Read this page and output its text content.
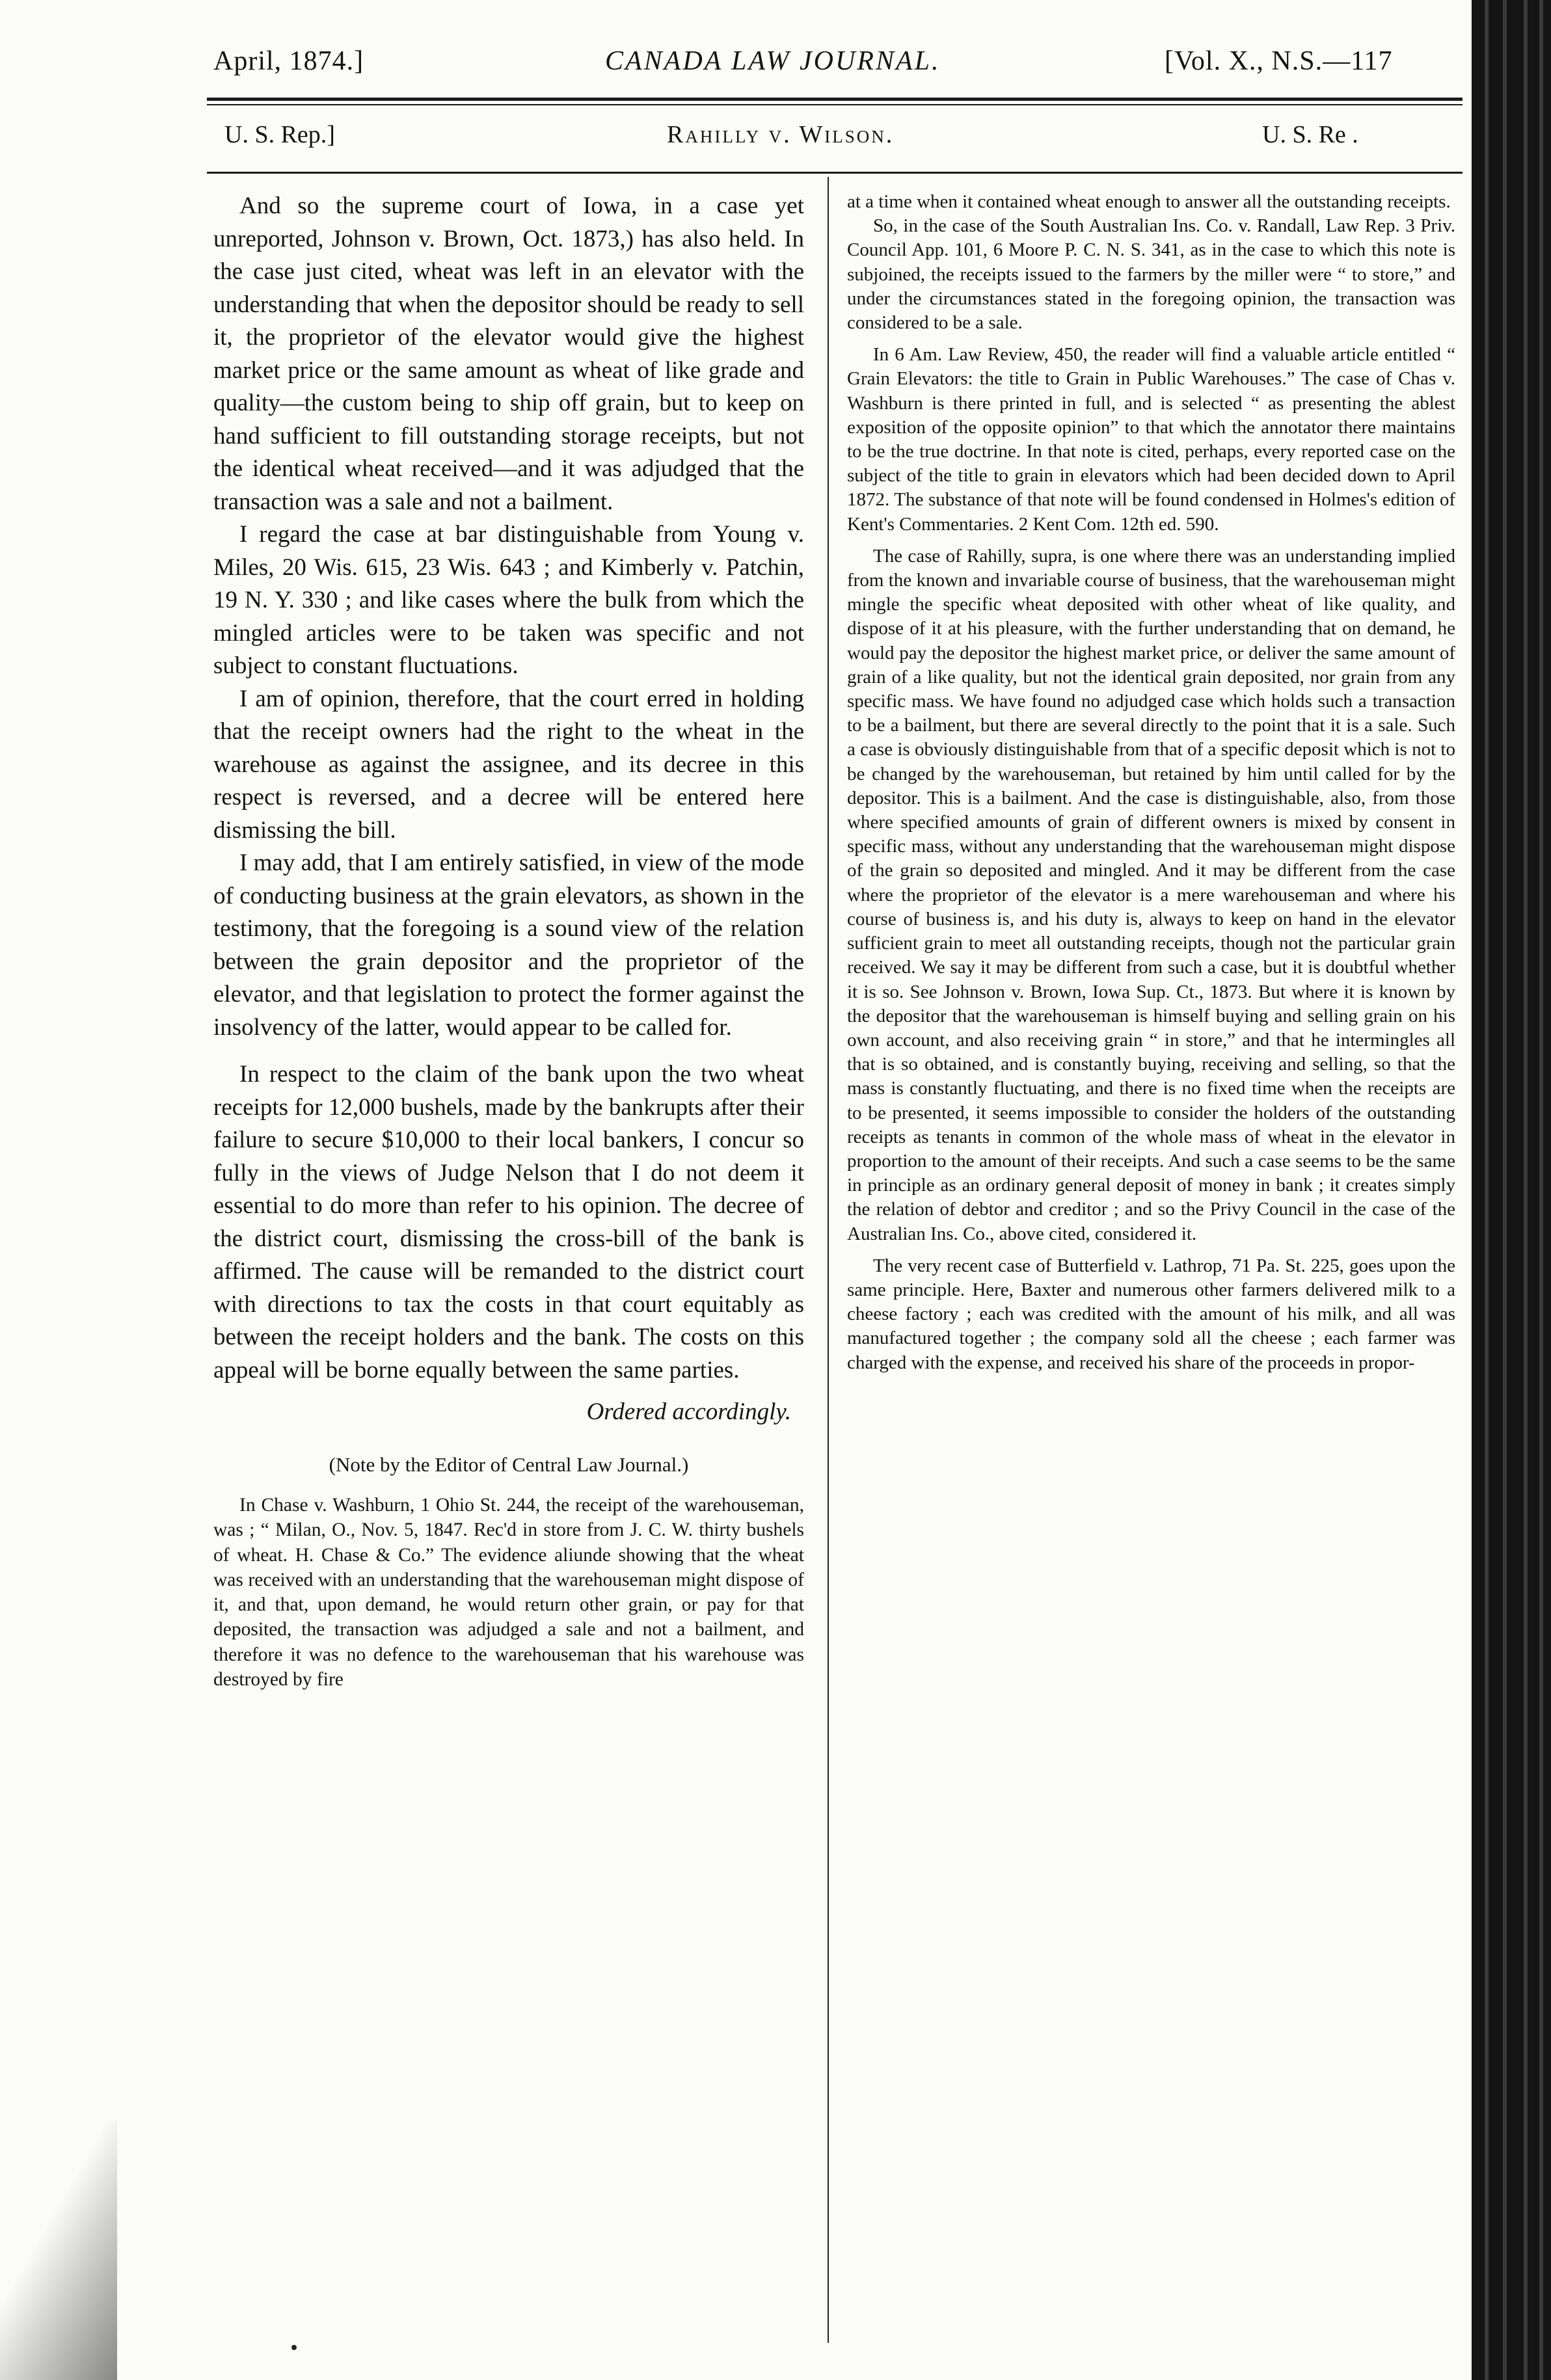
April, 1874.]	CANADA LAW JOURNAL.	[Vol. X., N.S.—117
U. S. Rep.]	Rahilly v. Wilson.	U. S. Re .

And so the supreme court of Iowa, in a case yet unreported, Johnson v. Brown, Oct. 1873,) has also held. In the case just cited, wheat was left in an elevator with the understanding that when the depositor should be ready to sell it, the proprietor of the elevator would give the highest market price or the same amount as wheat of like grade and quality—the custom being to ship off grain, but to keep on hand sufficient to fill outstanding storage receipts, but not the identical wheat received—and it was adjudged that the transaction was a sale and not a bailment.

I regard the case at bar distinguishable from Young v. Miles, 20 Wis. 615, 23 Wis. 643 ; and Kimberly v. Patchin, 19 N. Y. 330 ; and like cases where the bulk from which the mingled articles were to be taken was specific and not subject to constant fluctuations.

I am of opinion, therefore, that the court erred in holding that the receipt owners had the right to the wheat in the warehouse as against the assignee, and its decree in this respect is reversed, and a decree will be entered here dismissing the bill.

I may add, that I am entirely satisfied, in view of the mode of conducting business at the grain elevators, as shown in the testimony, that the foregoing is a sound view of the relation between the grain depositor and the proprietor of the elevator, and that legislation to protect the former against the insolvency of the latter, would appear to be called for.

In respect to the claim of the bank upon the two wheat receipts for 12,000 bushels, made by the bankrupts after their failure to secure $10,000 to their local bankers, I concur so fully in the views of Judge Nelson that I do not deem it essential to do more than refer to his opinion. The decree of the district court, dismissing the cross-bill of the bank is affirmed. The cause will be remanded to the district court with directions to tax the costs in that court equitably as between the receipt holders and the bank. The costs on this appeal will be borne equally between the same parties.

Ordered accordingly.

(Note by the Editor of Central Law Journal.)

In Chase v. Washburn, 1 Ohio St. 244, the receipt of the warehouseman, was ; “ Milan, O., Nov. 5, 1847. Rec'd in store from J. C. W. thirty bushels of wheat. H. Chase & Co.” The evidence aliunde showing that the wheat was received with an understanding that the warehouseman might dispose of it, and that, upon demand, he would return other grain, or pay for that deposited, the transaction was adjudged a sale and not a bailment, and therefore it was no defence to the warehouseman that his warehouse was destroyed by fire

at a time when it contained wheat enough to answer all the outstanding receipts.

So, in the case of the South Australian Ins. Co. v. Randall, Law Rep. 3 Priv. Council App. 101, 6 Moore P. C. N. S. 341, as in the case to which this note is subjoined, the receipts issued to the farmers by the miller were “ to store,” and under the circumstances stated in the foregoing opinion, the transaction was considered to be a sale.

In 6 Am. Law Review, 450, the reader will find a valuable article entitled “ Grain Elevators: the title to Grain in Public Warehouses.” The case of Chas v. Washburn is there printed in full, and is selected “ as presenting the ablest exposition of the opposite opinion” to that which the annotator there maintains to be the true doctrine. In that note is cited, perhaps, every reported case on the subject of the title to grain in elevators which had been decided down to April 1872. The substance of that note will be found condensed in Holmes's edition of Kent's Commentaries. 2 Kent Com. 12th ed. 590.

The case of Rahilly, supra, is one where there was an understanding implied from the known and invariable course of business, that the warehouseman might mingle the specific wheat deposited with other wheat of like quality, and dispose of it at his pleasure, with the further understanding that on demand, he would pay the depositor the highest market price, or deliver the same amount of grain of a like quality, but not the identical grain deposited, nor grain from any specific mass. We have found no adjudged case which holds such a transaction to be a bailment, but there are several directly to the point that it is a sale. Such a case is obviously distinguishable from that of a specific deposit which is not to be changed by the warehouseman, but retained by him until called for by the depositor. This is a bailment. And the case is distinguishable, also, from those where specified amounts of grain of different owners is mixed by consent in specific mass, without any understanding that the warehouseman might dispose of the grain so deposited and mingled. And it may be different from the case where the proprietor of the elevator is a mere warehouseman and where his course of business is, and his duty is, always to keep on hand in the elevator sufficient grain to meet all outstanding receipts, though not the particular grain received. We say it may be different from such a case, but it is doubtful whether it is so. See Johnson v. Brown, Iowa Sup. Ct., 1873. But where it is known by the depositor that the warehouseman is himself buying and selling grain on his own account, and also receiving grain “ in store,” and that he intermingles all that is so obtained, and is constantly buying, receiving and selling, so that the mass is constantly fluctuating, and there is no fixed time when the receipts are to be presented, it seems impossible to consider the holders of the outstanding receipts as tenants in common of the whole mass of wheat in the elevator in proportion to the amount of their receipts. And such a case seems to be the same in principle as an ordinary general deposit of money in bank ; it creates simply the relation of debtor and creditor ; and so the Privy Council in the case of the Australian Ins. Co., above cited, considered it.

The very recent case of Butterfield v. Lathrop, 71 Pa. St. 225, goes upon the same principle. Here, Baxter and numerous other farmers delivered milk to a cheese factory ; each was credited with the amount of his milk, and all was manufactured together ; the company sold all the cheese ; each farmer was charged with the expense, and received his share of the proceeds in propor-
